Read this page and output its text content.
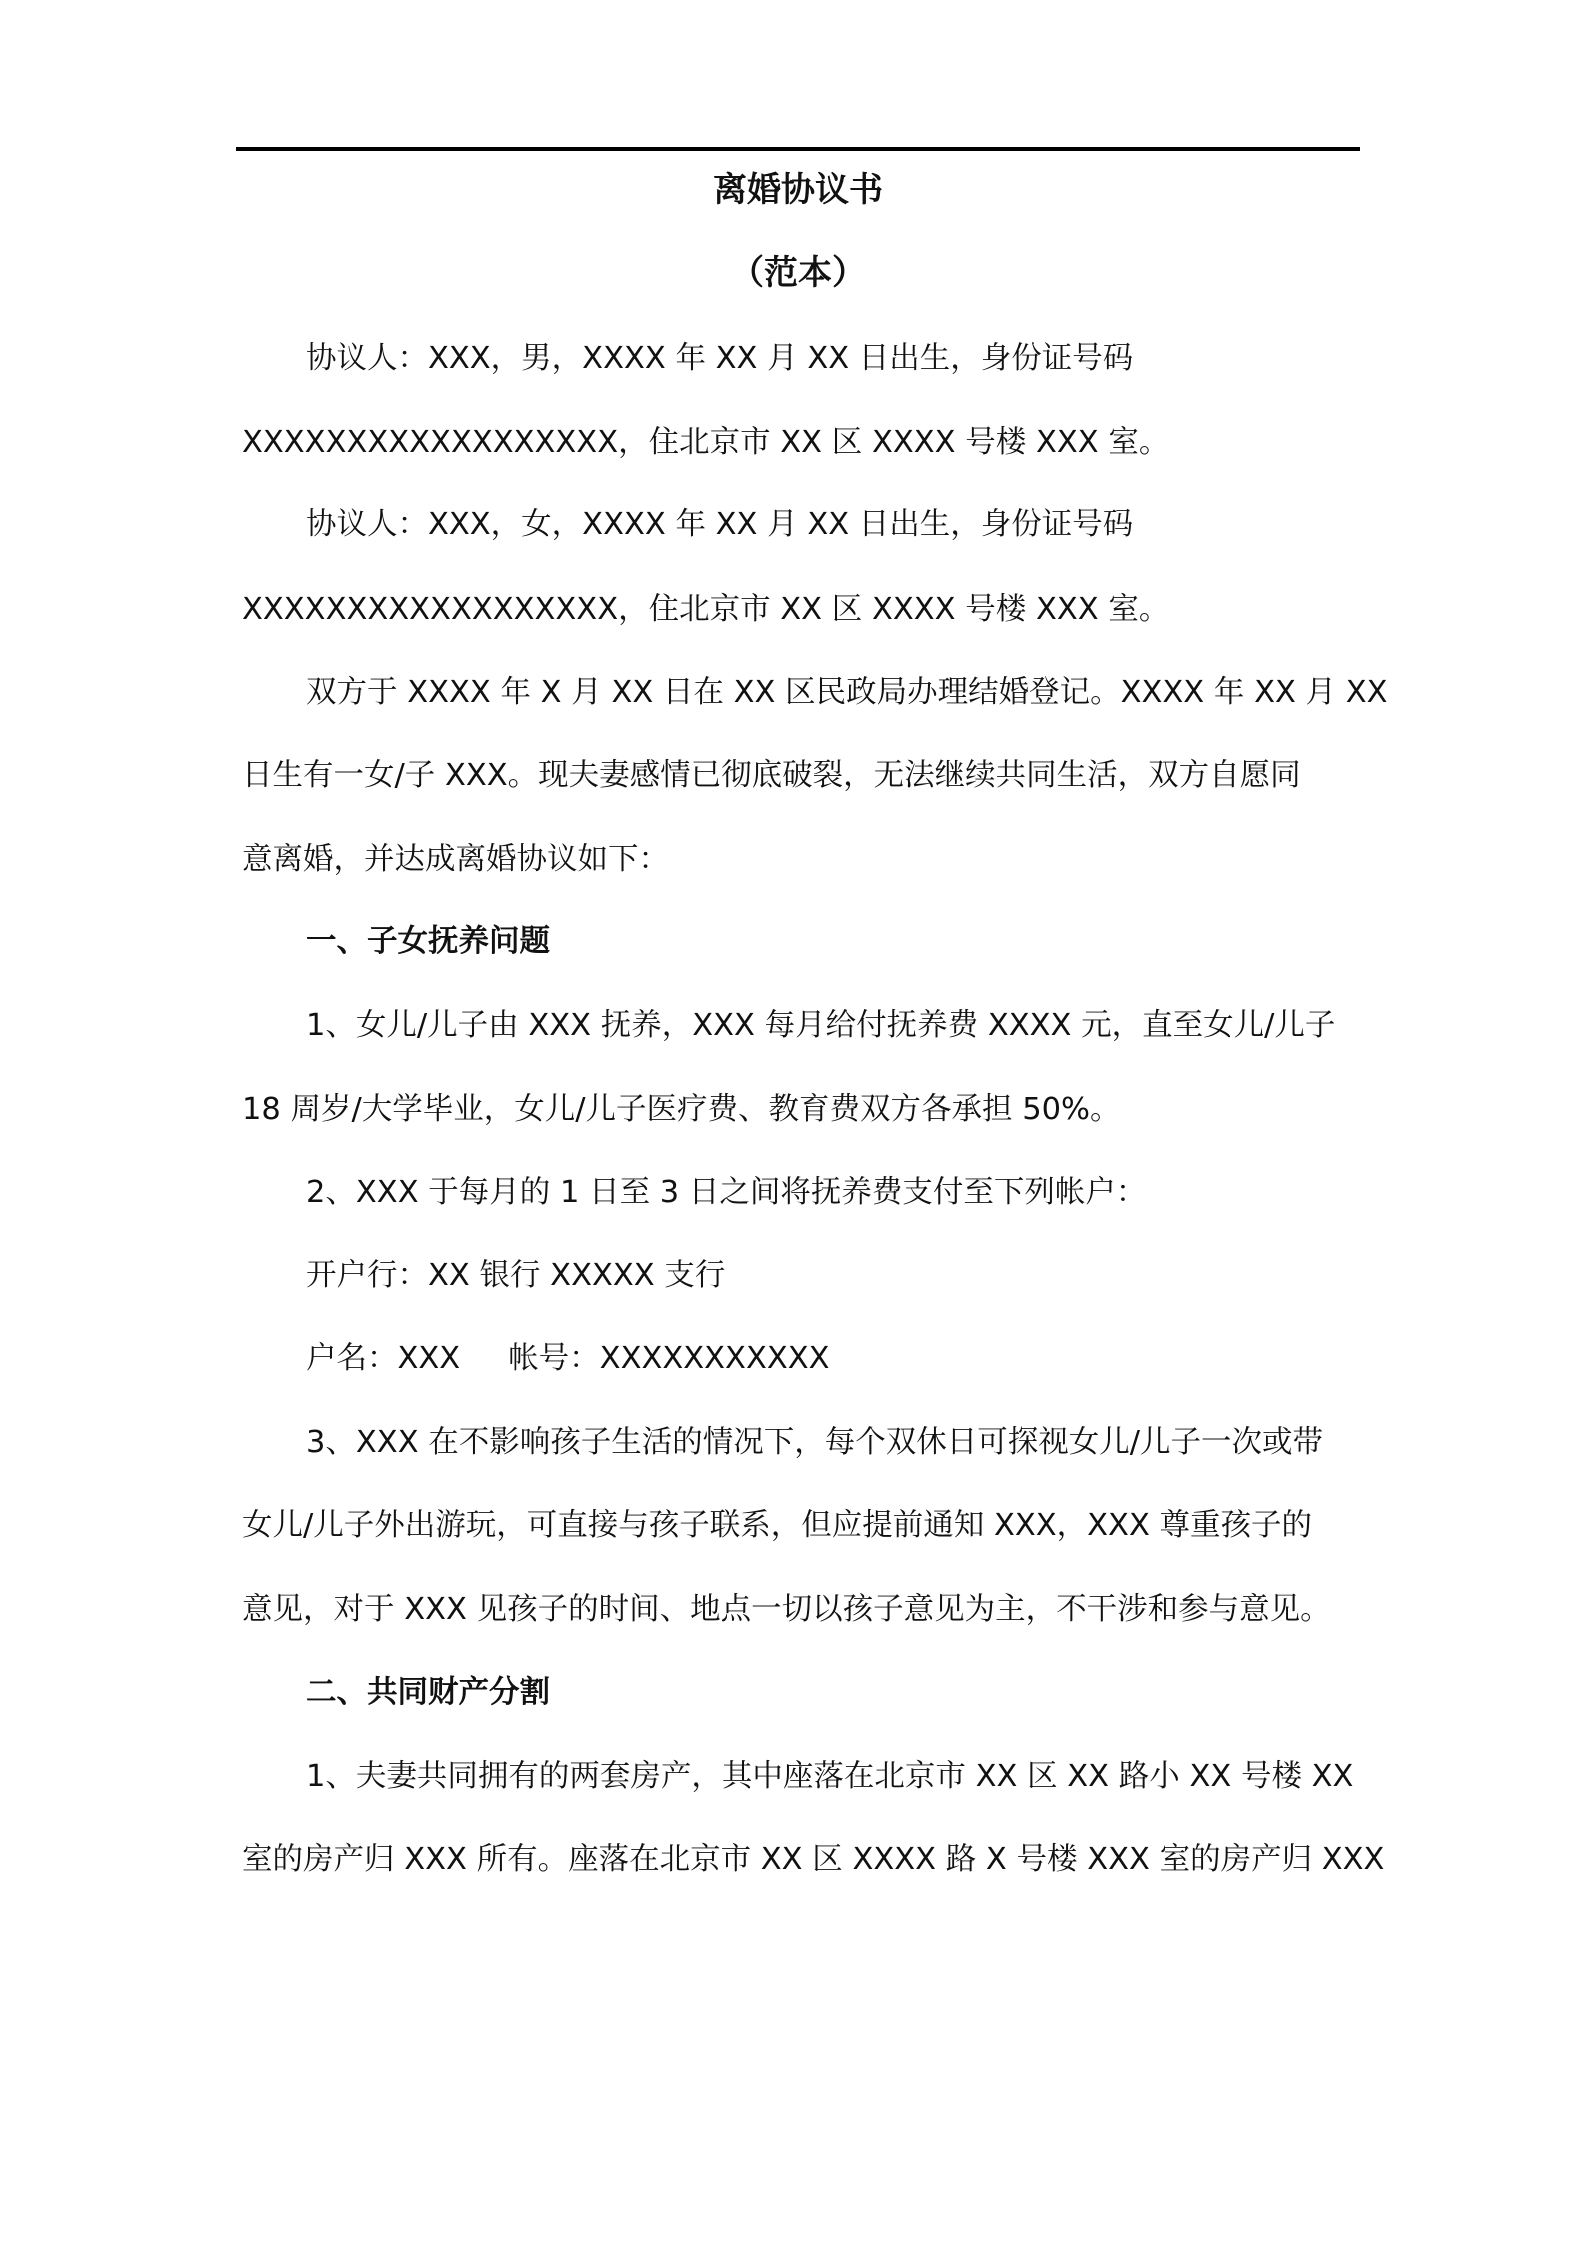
离婚协议书
（范本）
协议人：XXX，男，XXXX 年 XX 月 XX 日出生，身份证号码
XXXXXXXXXXXXXXXXXX，住北京市 XX 区 XXXX 号楼 XXX 室。
协议人：XXX，女，XXXX 年 XX 月 XX 日出生，身份证号码
XXXXXXXXXXXXXXXXXX，住北京市 XX 区 XXXX 号楼 XXX 室。
双方于 XXXX 年 X 月 XX 日在 XX 区民政局办理结婚登记。XXXX 年 XX 月 XX
日生有一女/子 XXX。现夫妻感情已彻底破裂，无法继续共同生活，双方自愿同
意离婚，并达成离婚协议如下：
一、子女抚养问题
1、女儿/儿子由 XXX 抚养，XXX 每月给付抚养费 XXXX 元，直至女儿/儿子
18 周岁/大学毕业，女儿/儿子医疗费、教育费双方各承担 50%。
2、XXX 于每月的 1 日至 3 日之间将抚养费支付至下列帐户：
开户行：XX 银行 XXXXX 支行
户名：XXX 帐号：XXXXXXXXXXX
3、XXX 在不影响孩子生活的情况下，每个双休日可探视女儿/儿子一次或带
女儿/儿子外出游玩，可直接与孩子联系，但应提前通知 XXX，XXX 尊重孩子的
意见，对于 XXX 见孩子的时间、地点一切以孩子意见为主，不干涉和参与意见。
二、共同财产分割
1、夫妻共同拥有的两套房产，其中座落在北京市 XX 区 XX 路小 XX 号楼 XX
室的房产归 XXX 所有。座落在北京市 XX 区 XXXX 路 X 号楼 XXX 室的房产归 XXX
